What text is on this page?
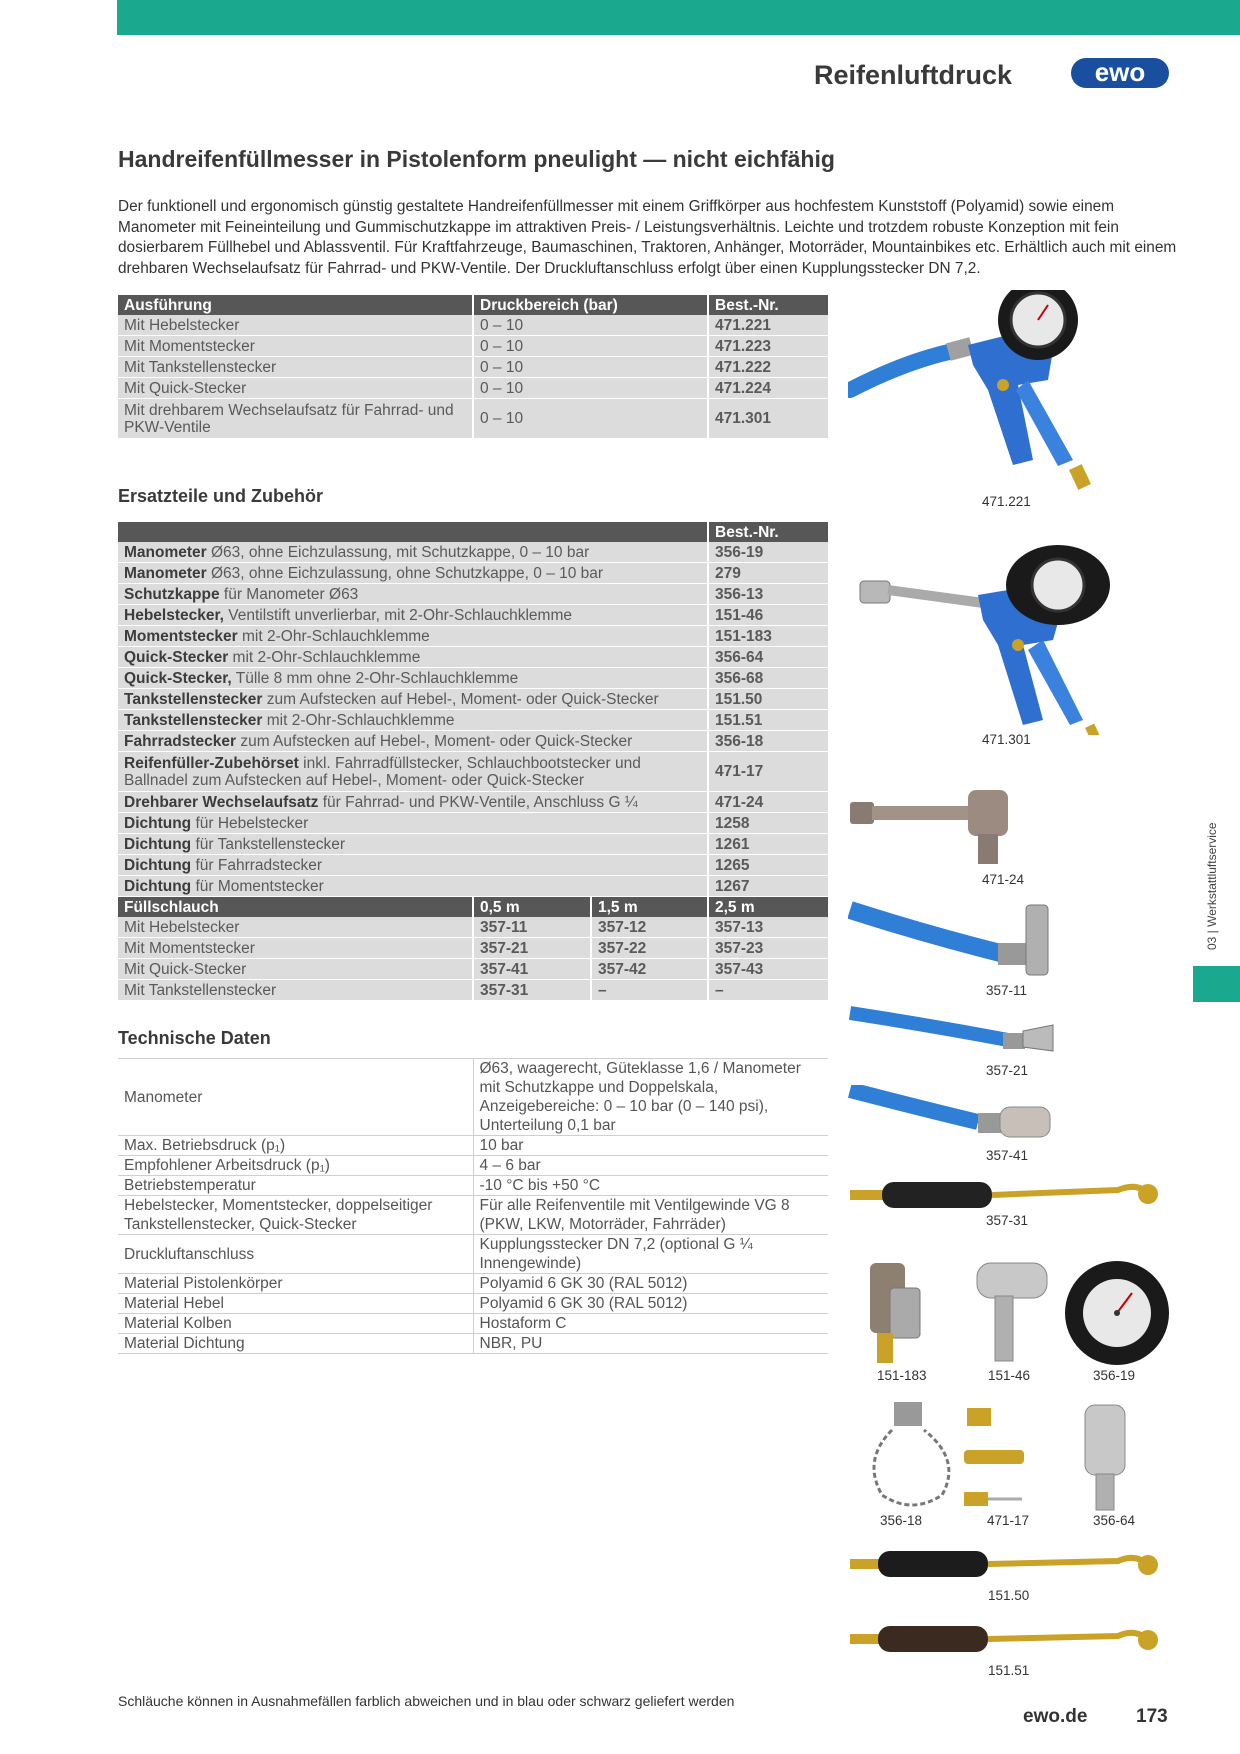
Reifenluftdruck	ewo
Handreifenfüllmesser in Pistolenform pneulight — nicht eichfähig

Der funktionell und ergonomisch günstig gestaltete Handreifenfüllmesser mit einem Griffkörper aus hochfestem Kunststoff (Polyamid) sowie einem Manometer mit Feineinteilung und Gummischutzkappe im attraktiven Preis- / Leistungsverhältnis. Leichte und trotzdem robuste Konzeption mit fein dosierbarem Füllhebel und Ablassventil. Für Kraftfahrzeuge, Baumaschinen, Traktoren, Anhänger, Motorräder, Mountainbikes etc. Erhältlich auch mit einem drehbaren Wechselaufsatz für Fahrrad- und PKW-Ventile. Der Druckluftanschluss erfolgt über einen Kupplungsstecker DN 7,2.

Ausführung	Druckbereich (bar)	Best.-Nr.
Mit Hebelstecker	0 – 10	471.221
Mit Momentstecker	0 – 10	471.223
Mit Tankstellenstecker	0 – 10	471.222
Mit Quick-Stecker	0 – 10	471.224
Mit drehbarem Wechselaufsatz für Fahrrad- und PKW-Ventile	0 – 10	471.301
Ersatzteile und Zubehör
			Best.-Nr.
Manometer Ø63, ohne Eichzulassung, mit Schutzkappe, 0 – 10 bar			356-19
Manometer Ø63, ohne Eichzulassung, ohne Schutzkappe, 0 – 10 bar			279
Schutzkappe für Manometer Ø63			356-13
Hebelstecker, Ventilstift unverlierbar, mit 2-Ohr-Schlauchklemme			151-46
Momentstecker mit 2-Ohr-Schlauchklemme			151-183
Quick-Stecker mit 2-Ohr-Schlauchklemme			356-64
Quick-Stecker, Tülle 8 mm ohne 2-Ohr-Schlauchklemme			356-68
Tankstellenstecker zum Aufstecken auf Hebel-, Moment- oder Quick-Stecker			151.50
Tankstellenstecker mit 2-Ohr-Schlauchklemme			151.51
Fahrradstecker zum Aufstecken auf Hebel-, Moment- oder Quick-Stecker			356-18
Reifenfüller-Zubehörset inkl. Fahrradfüllstecker, Schlauchbootstecker und Ballnadel zum Aufstecken auf Hebel-, Moment- oder Quick-Stecker			471-17
Drehbarer Wechselaufsatz für Fahrrad- und PKW-Ventile, Anschluss G ¼			471-24
Dichtung für Hebelstecker			1258
Dichtung für Tankstellenstecker			1261
Dichtung für Fahrradstecker			1265
Dichtung für Momentstecker			1267
Füllschlauch	0,5 m	1,5 m	2,5 m
Mit Hebelstecker	357-11	357-12	357-13
Mit Momentstecker	357-21	357-22	357-23
Mit Quick-Stecker	357-41	357-42	357-43
Mit Tankstellenstecker	357-31	–	–
Technische Daten
Manometer	Ø63, waagerecht, Güteklasse 1,6 / Manometer mit Schutzkappe und Doppelskala, Anzeigebereiche: 0 – 10 bar (0 – 140 psi), Unterteilung 0,1 bar
Max. Betriebsdruck (p₁)	10 bar
Empfohlener Arbeitsdruck (p₁)	4 – 6 bar
Betriebstemperatur	-10 °C bis +50 °C
Hebelstecker, Momentstecker, doppelseitiger Tankstellenstecker, Quick-Stecker	Für alle Reifenventile mit Ventilgewinde VG 8 (PKW, LKW, Motorräder, Fahrräder)
Druckluftanschluss	Kupplungsstecker DN 7,2 (optional G ¼ Innengewinde)
Material Pistolenkörper	Polyamid 6 GK 30 (RAL 5012)
Material Hebel	Polyamid 6 GK 30 (RAL 5012)
Material Kolben	Hostaform C
Material Dichtung	NBR, PU
03 | Werkstattluftservice
471.221
471.301
471-24
357-11
357-21
357-41
357-31
151-183	151-46	356-19
356-18	471-17	356-64
151.50
151.51
Schläuche können in Ausnahmefällen farblich abweichen und in blau oder schwarz geliefert werden
ewo.de	173
